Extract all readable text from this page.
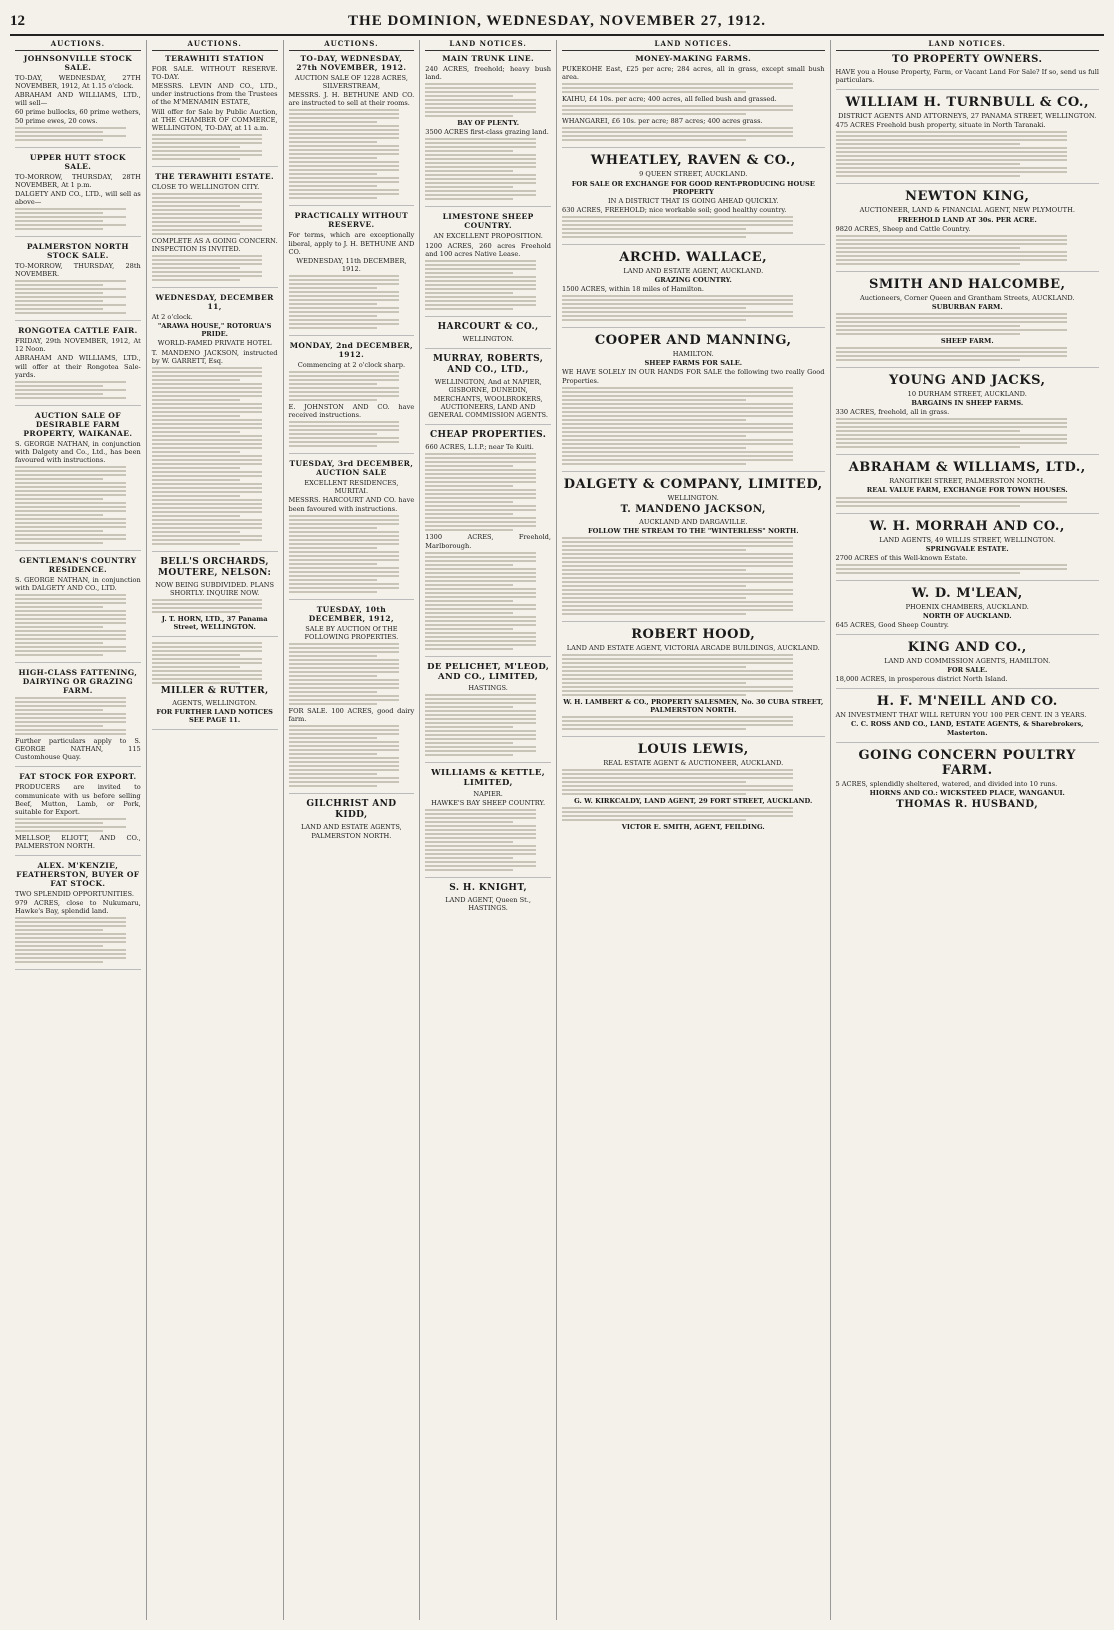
12	THE DOMINION, WEDNESDAY, NOVEMBER 27, 1912.
AUCTIONS.
JOHNSONVILLE STOCK SALE.

TO-DAY, WEDNESDAY, 27TH NOVEMBER, 1912, At 1.15 o'clock.

ABRAHAM AND WILLIAMS, LTD., will sell—

60 prime bullocks, 60 prime wethers, 50 prime ewes, 20 cows.

UPPER HUTT STOCK SALE.

TO-MORROW, THURSDAY, 28TH NOVEMBER, At 1 p.m.

DALGETY AND CO., LTD., will sell as above—

PALMERSTON NORTH STOCK SALE.

TO-MORROW, THURSDAY, 28th NOVEMBER.

RONGOTEA CATTLE FAIR.

FRIDAY, 29th NOVEMBER, 1912, At 12 Noon.

ABRAHAM AND WILLIAMS, LTD., will offer at their Rongotea Sale-yards.

AUCTION SALE OF DESIRABLE FARM PROPERTY, WAIKANAE.

S. GEORGE NATHAN, in conjunction with Dalgety and Co., Ltd., has been favoured with instructions.

GENTLEMAN'S COUNTRY RESIDENCE.

S. GEORGE NATHAN, in conjunction with DALGETY AND CO., LTD.

HIGH-CLASS FATTENING, DAIRYING OR GRAZING FARM.

Further particulars apply to S. GEORGE NATHAN, 115 Customhouse Quay.

FAT STOCK FOR EXPORT.

PRODUCERS are invited to communicate with us before selling Beef, Mutton, Lamb, or Pork, suitable for Export.

MELLSOP, ELIOTT, AND CO., PALMERSTON NORTH.

ALEX. M'KENZIE, FEATHERSTON, BUYER OF FAT STOCK.

TWO SPLENDID OPPORTUNITIES.

979 ACRES, close to Nukumaru, Hawke's Bay, splendid land.

AUCTIONS.
TERAWHITI STATION

FOR SALE. WITHOUT RESERVE. TO-DAY.

MESSRS. LEVIN AND CO., LTD., under instructions from the Trustees of the M'MENAMIN ESTATE,

Will offer for Sale by Public Auction, at THE CHAMBER OF COMMERCE, WELLINGTON, TO-DAY, at 11 a.m.

THE TERAWHITI ESTATE.

CLOSE TO WELLINGTON CITY.

COMPLETE AS A GOING CONCERN. INSPECTION IS INVITED.

WEDNESDAY, DECEMBER 11,

At 2 o'clock.

"ARAWA HOUSE," ROTORUA'S PRIDE.

WORLD-FAMED PRIVATE HOTEL

T. MANDENO JACKSON, instructed by W. GARRETT, Esq.

BELL'S ORCHARDS, MOUTERE, NELSON:

NOW BEING SUBDIVIDED. PLANS SHORTLY. INQUIRE NOW.

J. T. HORN, LTD., 37 Panama Street, WELLINGTON.

MILLER & RUTTER,

AGENTS, WELLINGTON.

FOR FURTHER LAND NOTICES SEE PAGE 11.

AUCTIONS.
TO-DAY, WEDNESDAY, 27th NOVEMBER, 1912.

AUCTION SALE OF 1228 ACRES, SILVERSTREAM,

MESSRS. J. H. BETHUNE AND CO. are instructed to sell at their rooms.

PRACTICALLY WITHOUT RESERVE.

For terms, which are exceptionally liberal, apply to J. H. BETHUNE AND CO.

WEDNESDAY, 11th DECEMBER, 1912.

MONDAY, 2nd DECEMBER, 1912.

Commencing at 2 o'clock sharp.

E. JOHNSTON AND CO. have received instructions.

TUESDAY, 3rd DECEMBER, AUCTION SALE

EXCELLENT RESIDENCES, MURITAI.

MESSRS. HARCOURT AND CO. have been favoured with instructions.

TUESDAY, 10th DECEMBER, 1912,

SALE BY AUCTION Of THE FOLLOWING PROPERTIES.

FOR SALE. 100 ACRES, good dairy farm.

GILCHRIST AND KIDD,

LAND AND ESTATE AGENTS,

PALMERSTON NORTH.

LAND NOTICES.
MAIN TRUNK LINE.

240 ACRES, freehold; heavy bush land.

BAY OF PLENTY.

3500 ACRES first-class grazing land.

LIMESTONE SHEEP COUNTRY.

AN EXCELLENT PROPOSITION.

1200 ACRES, 260 acres Freehold and 100 acres Native Lease.

HARCOURT & CO.,

WELLINGTON.

MURRAY, ROBERTS, AND CO., LTD.,

WELLINGTON, And at NAPIER, GISBORNE, DUNEDIN,

MERCHANTS, WOOLBROKERS, AUCTIONEERS, LAND AND GENERAL COMMISSION AGENTS.

CHEAP PROPERTIES.

660 ACRES, L.I.P.; near Te Kuiti.

1300 ACRES, Freehold, Marlborough.

DE PELICHET, M'LEOD, AND CO., LIMITED,

HASTINGS.

WILLIAMS & KETTLE, LIMITED,

NAPIER.

HAWKE'S BAY SHEEP COUNTRY.

S. H. KNIGHT,

LAND AGENT, Queen St., HASTINGS.

LAND NOTICES.
MONEY-MAKING FARMS.

PUKEKOHE East, £25 per acre; 284 acres, all in grass, except small bush area.

KAIHU, £4 10s. per acre; 400 acres, all felled bush and grassed.

WHANGAREI, £6 10s. per acre; 887 acres; 400 acres grass.

WHEATLEY, RAVEN & CO.,

9 QUEEN STREET, AUCKLAND.

FOR SALE OR EXCHANGE FOR GOOD RENT-PRODUCING HOUSE PROPERTY

IN A DISTRICT THAT IS GOING AHEAD QUICKLY.

630 ACRES, FREEHOLD; nice workable soil; good healthy country.

ARCHD. WALLACE,

LAND AND ESTATE AGENT, AUCKLAND.

GRAZING COUNTRY.

1500 ACRES, within 18 miles of Hamilton.

COOPER AND MANNING,

HAMILTON.

SHEEP FARMS FOR SALE.

WE HAVE SOLELY IN OUR HANDS FOR SALE the following two really Good Properties.

DALGETY & COMPANY, LIMITED,

WELLINGTON.

T. MANDENO JACKSON,

AUCKLAND AND DARGAVILLE.

FOLLOW THE STREAM TO THE "WINTERLESS" NORTH.

ROBERT HOOD,

LAND AND ESTATE AGENT, VICTORIA ARCADE BUILDINGS, AUCKLAND.

W. H. LAMBERT & CO., PROPERTY SALESMEN, No. 30 CUBA STREET, PALMERSTON NORTH.

LOUIS LEWIS,

REAL ESTATE AGENT & AUCTIONEER, AUCKLAND.

G. W. KIRKCALDY, LAND AGENT, 29 FORT STREET, AUCKLAND.

VICTOR E. SMITH, AGENT, FEILDING.

LAND NOTICES.
TO PROPERTY OWNERS.

HAVE you a House Property, Farm, or Vacant Land For Sale? If so, send us full particulars.

WILLIAM H. TURNBULL & CO.,

DISTRICT AGENTS AND ATTORNEYS, 27 PANAMA STREET, WELLINGTON.

475 ACRES Freehold bush property, situate in North Taranaki.

NEWTON KING,

AUCTIONEER, LAND & FINANCIAL AGENT, NEW PLYMOUTH.

FREEHOLD LAND AT 30s. PER ACRE.

9820 ACRES, Sheep and Cattle Country.

SMITH AND HALCOMBE,

Auctioneers, Corner Queen and Grantham Streets, AUCKLAND.

SUBURBAN FARM.

SHEEP FARM.

YOUNG AND JACKS,

10 DURHAM STREET, AUCKLAND.

BARGAINS IN SHEEP FARMS.

330 ACRES, freehold, all in grass.

ABRAHAM & WILLIAMS, LTD.,

RANGITIKEI STREET, PALMERSTON NORTH.

REAL VALUE FARM, EXCHANGE FOR TOWN HOUSES.

W. H. MORRAH AND CO.,

LAND AGENTS, 49 WILLIS STREET, WELLINGTON.

SPRINGVALE ESTATE.

2700 ACRES of this Well-known Estate.

W. D. M'LEAN,

PHOENIX CHAMBERS, AUCKLAND.

NORTH OF AUCKLAND.

645 ACRES, Good Sheep Country.

KING AND CO.,

LAND AND COMMISSION AGENTS, HAMILTON.

FOR SALE.

18,000 ACRES, in prosperous district North Island.

H. F. M'NEILL AND CO.

AN INVESTMENT THAT WILL RETURN YOU 100 PER CENT. IN 3 YEARS.

C. C. ROSS AND CO., LAND, ESTATE AGENTS, & Sharebrokers, Masterton.

GOING CONCERN POULTRY FARM.

5 ACRES, splendidly sheltered, watered, and divided into 10 runs.

HIORNS AND CO.: WICKSTEED PLACE, WANGANUI.

THOMAS R. HUSBAND,
